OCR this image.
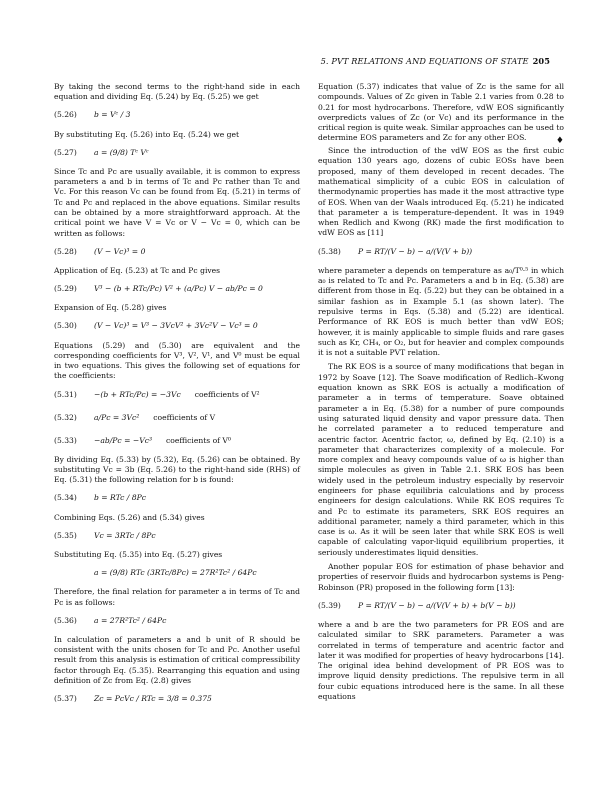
5. PVT RELATIONS AND EQUATIONS OF STATE 205

By taking the second terms to the right-hand side in each equation and dividing Eq. (5.24) by Eq. (5.25) we get

(5.26)	b = Vᶜ / 3

By substituting Eq. (5.26) into Eq. (5.24) we get

(5.27)	a = (9/8) Tᶜ Vᶜ

Since Tc and Pc are usually available, it is common to express parameters a and b in terms of Tc and Pc rather than Tc and Vc. For this reason Vc can be found from Eq. (5.21) in terms of Tc and Pc and replaced in the above equations. Similar results can be obtained by a more straightforward approach. At the critical point we have V = Vc or V − Vc = 0, which can be written as follows:

(5.28)	(V − Vc)³ = 0

Application of Eq. (5.23) at Tc and Pc gives

(5.29)	V³ − (b + RTc/Pc) V² + (a/Pc) V − ab/Pc = 0

Expansion of Eq. (5.28) gives

(5.30)	(V − Vc)³ = V³ − 3VcV² + 3Vc²V − Vc³ = 0

Equations (5.29) and (5.30) are equivalent and the corresponding coefficients for V³, V², V¹, and V⁰ must be equal in two equations. This gives the following set of equations for the coefficients:

(5.31)	−(b + RTc/Pc) = −3Vc coefficients of V²
(5.32)	a/Pc = 3Vc² coefficients of V
(5.33)	−ab/Pc = −Vc³ coefficients of V⁰

By dividing Eq. (5.33) by (5.32), Eq. (5.26) can be obtained. By substituting Vc = 3b (Eq. 5.26) to the right-hand side (RHS) of Eq. (5.31) the following relation for b is found:

(5.34)	b = RTc / 8Pc

Combining Eqs. (5.26) and (5.34) gives

(5.35)	Vc = 3RTc / 8Pc

Substituting Eq. (5.35) into Eq. (5.27) gives

a = (9/8) RTc (3RTc/8Pc) = 27R²Tc² / 64Pc

Therefore, the final relation for parameter a in terms of Tc and Pc is as follows:

(5.36)	a = 27R²Tc² / 64Pc

In calculation of parameters a and b unit of R should be consistent with the units chosen for Tc and Pc. Another useful result from this analysis is estimation of critical compressibility factor through Eq. (5.35). Rearranging this equation and using definition of Zc from Eq. (2.8) gives

(5.37)	Zc = PcVc / RTc = 3/8 = 0.375

Equation (5.37) indicates that value of Zc is the same for all compounds. Values of Zc given in Table 2.1 varies from 0.28 to 0.21 for most hydrocarbons. Therefore, vdW EOS significantly overpredicts values of Zc (or Vc) and its performance in the critical region is quite weak. Similar approaches can be used to determine EOS parameters and Zc for any other EOS.	♦

Since the introduction of the vdW EOS as the first cubic equation 130 years ago, dozens of cubic EOSs have been proposed, many of them developed in recent decades. The mathematical simplicity of a cubic EOS in calculation of thermodynamic properties has made it the most attractive type of EOS. When van der Waals introduced Eq. (5.21) he indicated that parameter a is temperature-dependent. It was in 1949 when Redlich and Kwong (RK) made the first modification to vdW EOS as [11]

(5.38)	P = RT/(V − b) − a/(V(V + b))

where parameter a depends on temperature as a₀/T⁰·⁵ in which a₀ is related to Tc and Pc. Parameters a and b in Eq. (5.38) are different from those in Eq. (5.22) but they can be obtained in a similar fashion as in Example 5.1 (as shown later). The repulsive terms in Eqs. (5.38) and (5.22) are identical. Performance of RK EOS is much better than vdW EOS; however, it is mainly applicable to simple fluids and rare gases such as Kr, CH₄, or O₂, but for heavier and complex compounds it is not a suitable PVT relation.

The RK EOS is a source of many modifications that began in 1972 by Soave [12]. The Soave modification of Redlich–Kwong equation known as SRK EOS is actually a modification of parameter a in terms of temperature. Soave obtained parameter a in Eq. (5.38) for a number of pure compounds using saturated liquid density and vapor pressure data. Then he correlated parameter a to reduced temperature and acentric factor. Acentric factor, ω, defined by Eq. (2.10) is a parameter that characterizes complexity of a molecule. For more complex and heavy compounds value of ω is higher than simple molecules as given in Table 2.1. SRK EOS has been widely used in the petroleum industry especially by reservoir engineers for phase equilibria calculations and by process engineers for design calculations. While RK EOS requires Tc and Pc to estimate its parameters, SRK EOS requires an additional parameter, namely a third parameter, which in this case is ω. As it will be seen later that while SRK EOS is well capable of calculating vapor-liquid equilibrium properties, it seriously underestimates liquid densities.

Another popular EOS for estimation of phase behavior and properties of reservoir fluids and hydrocarbon systems is Peng-Robinson (PR) proposed in the following form [13]:

(5.39)	P = RT/(V − b) − a/(V(V + b) + b(V − b))

where a and b are the two parameters for PR EOS and are calculated similar to SRK parameters. Parameter a was correlated in terms of temperature and acentric factor and later it was modified for properties of heavy hydrocarbons [14]. The original idea behind development of PR EOS was to improve liquid density predictions. The repulsive term in all four cubic equations introduced here is the same. In all these equations
